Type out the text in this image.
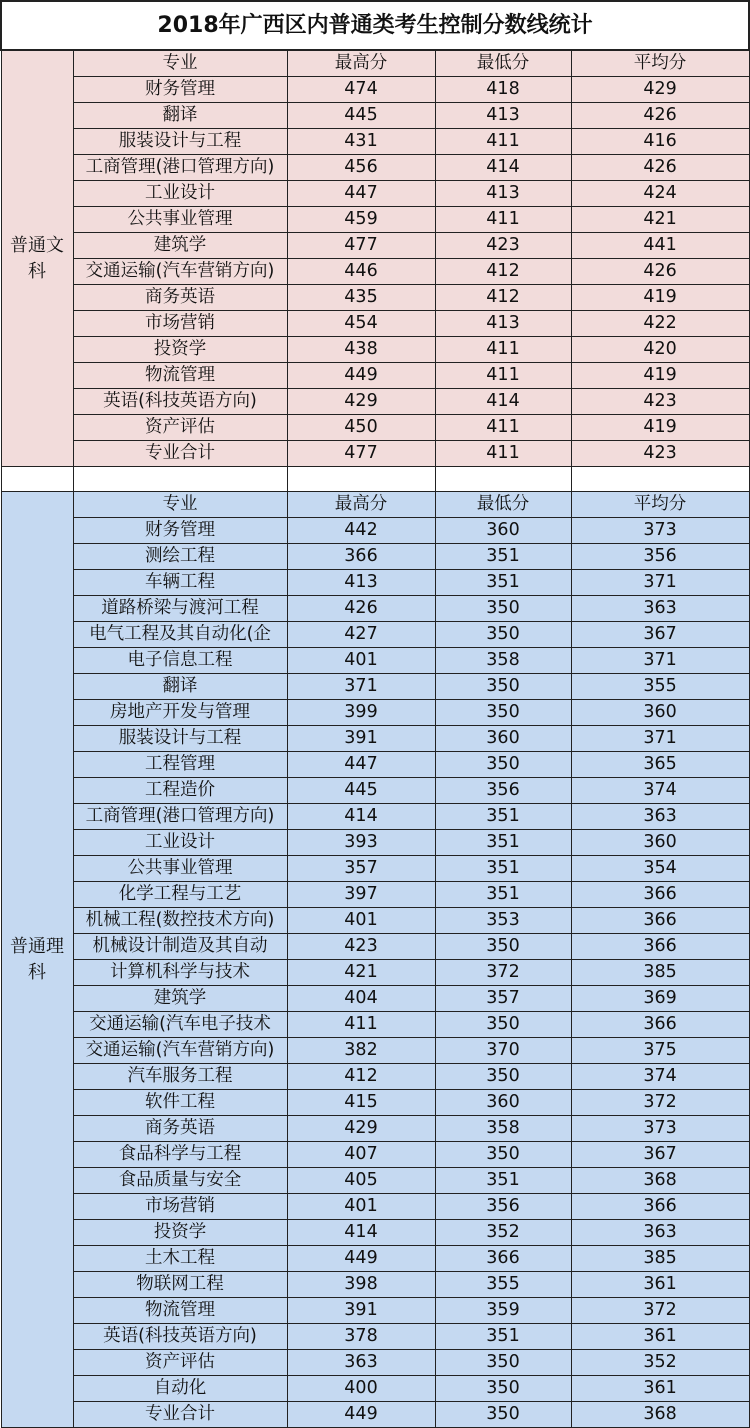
2018年广西区内普通类考生控制分数线统计				
普通文科	专业	最高分	最低分	平均分
	财务管理	474	418	429
	翻译	445	413	426
	服装设计与工程	431	411	416
	工商管理(港口管理方向)	456	414	426
	工业设计	447	413	424
	公共事业管理	459	411	421
	建筑学	477	423	441
	交通运输(汽车营销方向)	446	412	426
	商务英语	435	412	419
	市场营销	454	413	422
	投资学	438	411	420
	物流管理	449	411	419
	英语(科技英语方向)	429	414	423
	资产评估	450	411	419
	专业合计	477	411	423

普通理科	专业	最高分	最低分	平均分
	财务管理	442	360	373
	测绘工程	366	351	356
	车辆工程	413	351	371
	道路桥梁与渡河工程	426	350	363
	电气工程及其自动化(企	427	350	367
	电子信息工程	401	358	371
	翻译	371	350	355
	房地产开发与管理	399	350	360
	服装设计与工程	391	360	371
	工程管理	447	350	365
	工程造价	445	356	374
	工商管理(港口管理方向)	414	351	363
	工业设计	393	351	360
	公共事业管理	357	351	354
	化学工程与工艺	397	351	366
	机械工程(数控技术方向)	401	353	366
	机械设计制造及其自动	423	350	366
	计算机科学与技术	421	372	385
	建筑学	404	357	369
	交通运输(汽车电子技术	411	350	366
	交通运输(汽车营销方向)	382	370	375
	汽车服务工程	412	350	374
	软件工程	415	360	372
	商务英语	429	358	373
	食品科学与工程	407	350	367
	食品质量与安全	405	351	368
	市场营销	401	356	366
	投资学	414	352	363
	土木工程	449	366	385
	物联网工程	398	355	361
	物流管理	391	359	372
	英语(科技英语方向)	378	351	361
	资产评估	363	350	352
	自动化	400	350	361
	专业合计	449	350	368
